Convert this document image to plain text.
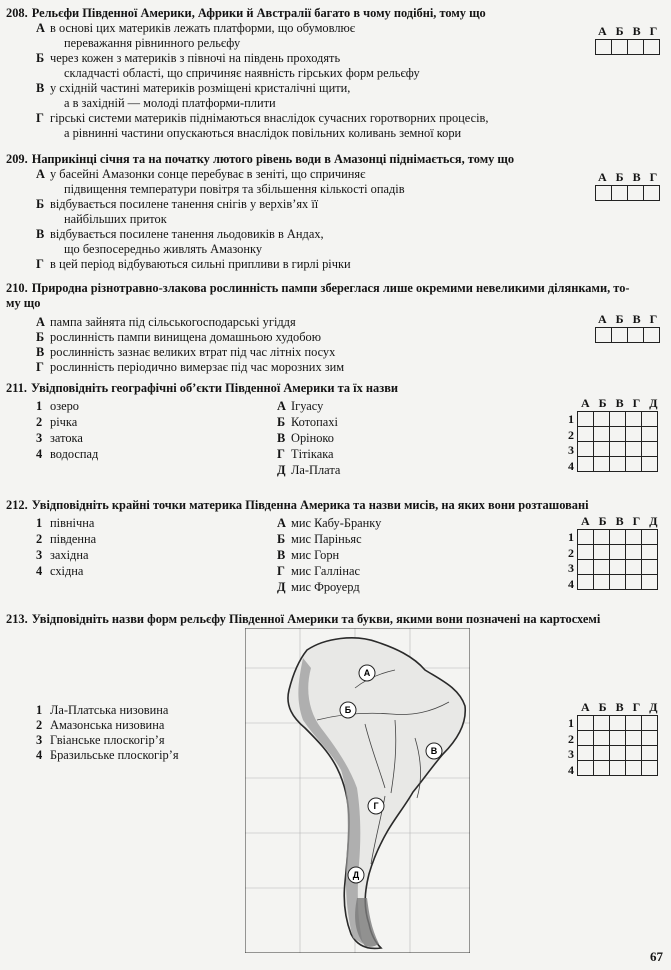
208. Рельєфи Південної Америки, Африки й Австралії багато в чому подібні, тому що
А в основі цих материків лежать платформи, що обумовлює
переважання рівнинного рельєфу
Б через кожен з материків з півночі на південь проходять
складчасті області, що спричиняє наявність гірських форм рельєфу
В у східній частині материків розміщені кристалічні щити,
а в західній — молоді платформи-плити
Г гірські системи материків піднімаються внаслідок сучасних горотворних процесів,
а рівнинні частини опускаються внаслідок повільних коливань земної кори
А Б В Г

209. Наприкінці січня та на початку лютого рівень води в Амазонці піднімається, тому що
А у басейні Амазонки сонце перебуває в зеніті, що спричиняє
підвищення температури повітря та збільшення кількості опадів
Б відбувається посилене танення снігів у верхів’ях її
найбільших приток
В відбувається посилене танення льодовиків в Андах,
що безпосередньо живлять Амазонку
Г в цей період відбуваються сильні припливи в гирлі річки
А Б В Г

210. Природна різнотравно-злакова рослинність пампи збереглася лише окремими невеликими ділянками, то-
му що
А пампа зайнята під сільськогосподарські угіддя
Б рослинність пампи винищена домашньою худобою
В рослинність зазнає великих втрат під час літніх посух
Г рослинність періодично вимерзає під час морозних зим
А Б В Г

211. Увідповідніть географічні об’єкти Південної Америки та їх назви
1 озеро
2 річка
3 затока
4 водоспад
А Ігуасу
Б Котопахі
В Оріноко
Г Тітікака
Д Ла-Плата
А Б В Г Д
1
2
3
4

212. Увідповідніть крайні точки материка Південна Америка та назви мисів, на яких вони розташовані
1 північна
2 південна
3 західна
4 східна
А мис Кабу-Бранку
Б мис Паріньяс
В мис Горн
Г мис Галлінас
Д мис Фроуерд
А Б В Г Д
1
2
3
4

213. Увідповідніть назви форм рельєфу Південної Америки та букви, якими вони позначені на картосхемі
1 Ла-Платська низовина
2 Амазонська низовина
3 Гвіанське плоскогір’я
4 Бразильське плоскогір’я
А Б В Г Д
1
2
3
4

А
Б
В
Г
Д
67
